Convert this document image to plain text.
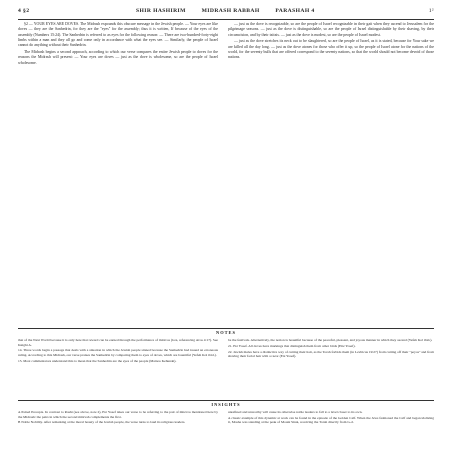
4 §2	SHIR HASHIRIM	MIDRASH RABBAH	PARASHAH 4	1²

§2 — YOUR EYES ARE DOVES. The Midrash expounds this obscure message in the Jewish people. — Your eyes are like doves — they are the Sanhedrin, for they are the "eyes" for the assembly; thus it is written, If because of the eyes of the assembly (Numbers 15:24). The Sanhedrin is referred to as eyes for the following reason: — There are two-hundred-forty-eight limbs within a man and they all go and come only in accordance with what the eyes see. — Similarly, the people of Israel cannot do anything without their Sanhedrin.

The Midrash begins a second approach, according to which our verse compares the entire Jewish people to doves for the reasons the Midrash will present: — Your eyes are doves — just as the dove is wholesome, so are the people of Israel wholesome.

— just as the dove is recognizable, so are the people of Israel recognizable in their gait when they ascend to Jerusalem for the pilgrimage seasons. — just as the dove is distinguishable, so are the people of Israel distinguishable by their shaving, by their circumcision, and by their tzitzis. — just as the dove is modest, so are the people of Israel modest.

— just as the dove stretches its neck out to be slaughtered, so are the people of Israel, as it is stated, because for Your sake we are killed all the day long. — just as the dove atones for those who offer it up, so the people of Israel atone for the nations of the world, for the seventy bulls that are offered correspond to the seventy nations, so that the world should not become devoid of those nations.

NOTES

that of the Next World because it is only here that reward can be earned through the performance of mitzvos (Gra, referencing Avos 4:17). See Insight A.

14. Three words begin a passage that deals with a situation in which the Jewish people sinned because the Sanhedrin had issued an erroneous ruling. According to this Midrash, our verse praises the Sanhedrin by comparing them to eyes of doves, which are bountiful (Yefeh Kol ibid.).

15. Most commentators understand this to mean that the Sanhedrin are the eyes of the people (Matnos Kehunah).

be the festivals. Alternatively, the notion is beautiful because of the peaceful, pleasant, and joyous manner in which they ascend (Yefeh Kol ibid.).

21. Etz Yosef. All doves have markings that distinguish them from other birds (Eitz Yosef).

22. Jewish males have a distinctive way of cutting their hair, as the Torah forbids them (in Leviticus 19:27) from cutting off their "peyos" and from shaving their facial hair with a razor (Etz Yosef).

INSIGHTS

A Paired Precepts. In contrast to Rashi (see above, note 2), Etz Yosef takes our verse to be referring to the pair of mitzvos mentioned here by the Midrash: the pairs in which the second mitzvah complements the first.

B Noble Nobility. After remarking at the moral beauty of the Jewish people, the verse turns to laud its religious leaders.

unrefined and unworthy will cause its otherwise noble leaders to fall to a level closer to its own.

A classic example of this dynamic at work can be found in the episode of the Golden Calf. When the Jews fashioned the Calf and began idolizing it, Moshe was standing at the peak of Mount Sinai, receiving the Torah directly from G-d.
